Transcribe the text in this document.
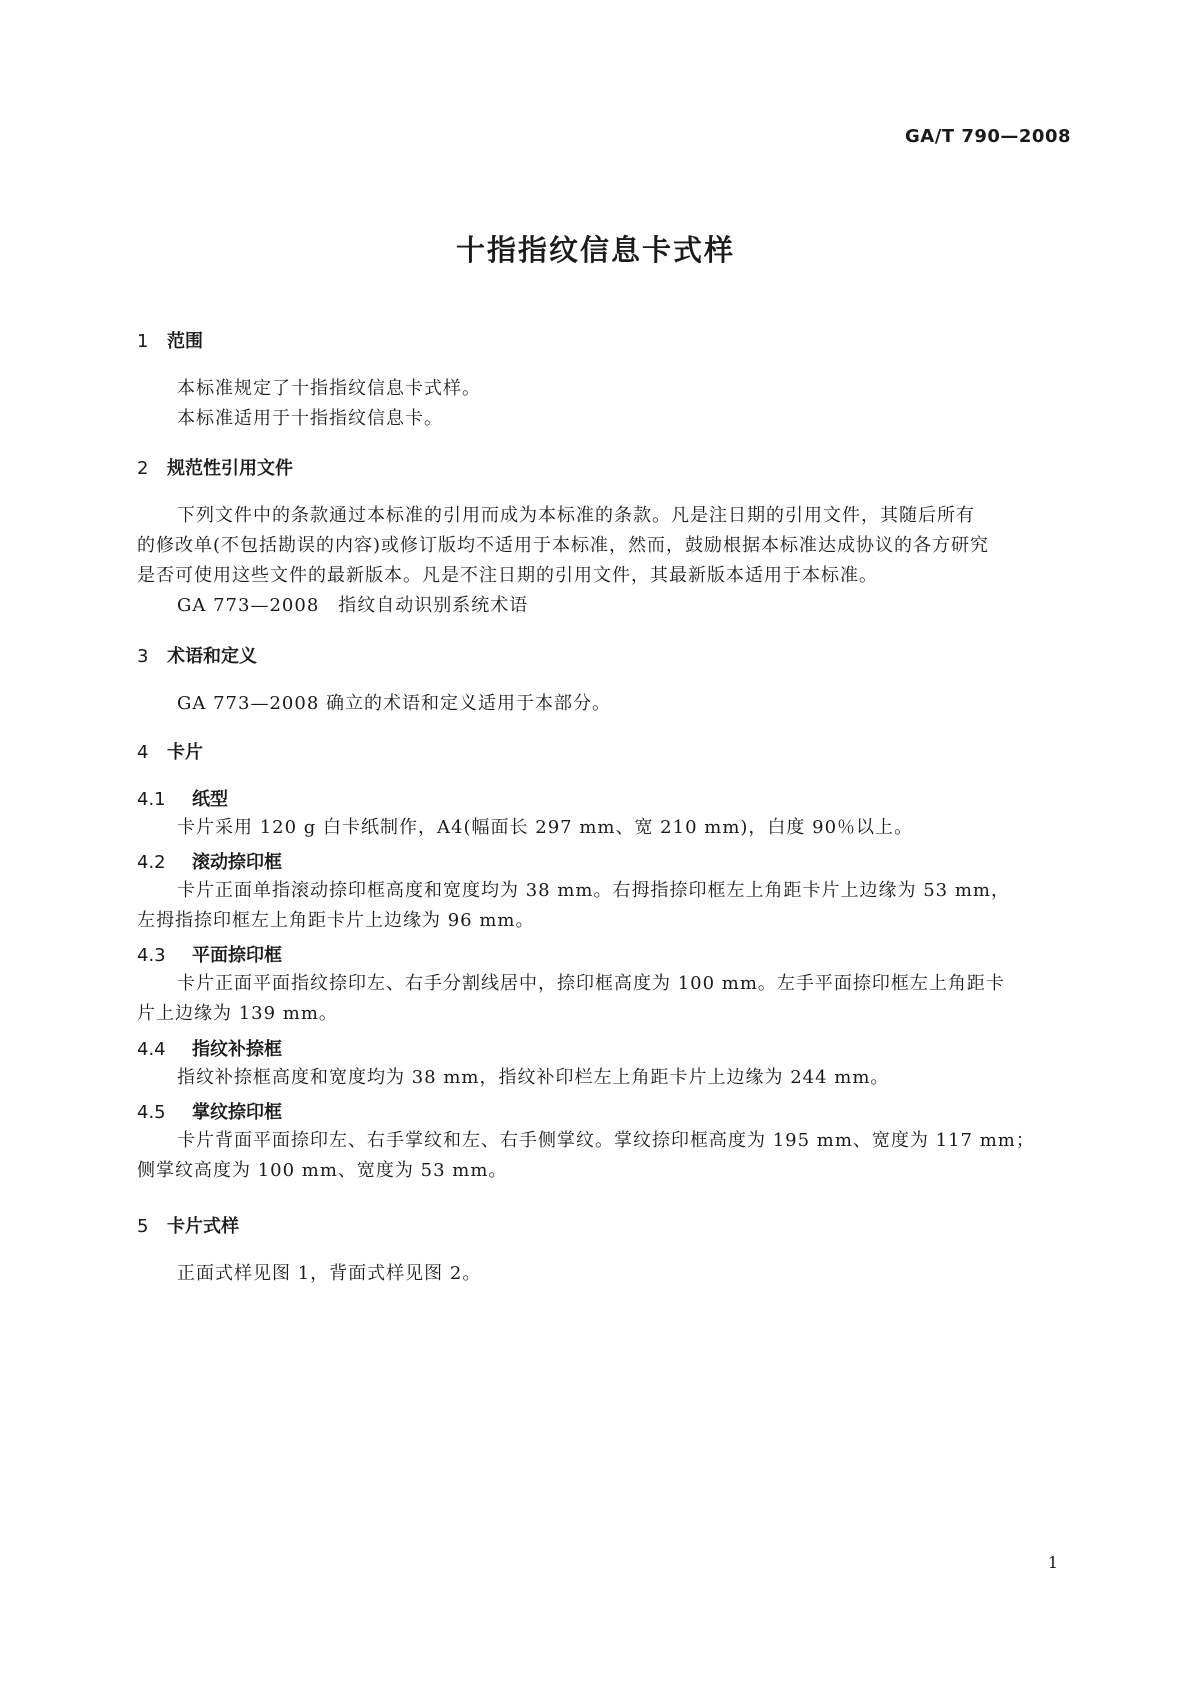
GA/T 790—2008
十指指纹信息卡式样
1 范围
本标准规定了十指指纹信息卡式样。
本标准适用于十指指纹信息卡。
2 规范性引用文件
下列文件中的条款通过本标准的引用而成为本标准的条款。凡是注日期的引用文件，其随后所有
的修改单(不包括勘误的内容)或修订版均不适用于本标准，然而，鼓励根据本标准达成协议的各方研究
是否可使用这些文件的最新版本。凡是不注日期的引用文件，其最新版本适用于本标准。
GA 773—2008　指纹自动识别系统术语
3 术语和定义
GA 773—2008 确立的术语和定义适用于本部分。
4 卡片
4.1 纸型
卡片采用 120 g 白卡纸制作，A4(幅面长 297 mm、宽 210 mm)，白度 90％以上。
4.2 滚动捺印框
卡片正面单指滚动捺印框高度和宽度均为 38 mm。右拇指捺印框左上角距卡片上边缘为 53 mm，
左拇指捺印框左上角距卡片上边缘为 96 mm。
4.3 平面捺印框
卡片正面平面指纹捺印左、右手分割线居中，捺印框高度为 100 mm。左手平面捺印框左上角距卡
片上边缘为 139 mm。
4.4 指纹补捺框
指纹补捺框高度和宽度均为 38 mm，指纹补印栏左上角距卡片上边缘为 244 mm。
4.5 掌纹捺印框
卡片背面平面捺印左、右手掌纹和左、右手侧掌纹。掌纹捺印框高度为 195 mm、宽度为 117 mm；
侧掌纹高度为 100 mm、宽度为 53 mm。
5 卡片式样
正面式样见图 1，背面式样见图 2。
1
